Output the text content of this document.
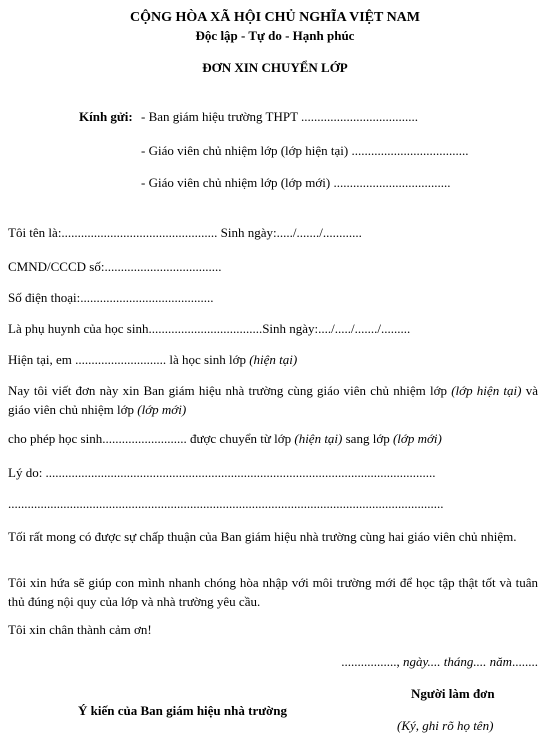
CỘNG HÒA XÃ HỘI CHỦ NGHĨA VIỆT NAM
Độc lập - Tự do - Hạnh phúc
ĐƠN XIN CHUYỂN LỚP
Kính gửi: - Ban giám hiệu trường THPT ....................................
- Giáo viên chủ nhiệm lớp (lớp hiện tại) ....................................
- Giáo viên chủ nhiệm lớp (lớp mới) ....................................
Tôi tên là:................................................ Sinh ngày:...../......./............
CMND/CCCD số:....................................
Số điện thoại:.........................................
Là phụ huynh của học sinh...................................Sinh ngày:..../...../......./.........
Hiện tại, em ............................ là học sinh lớp (hiện tại)
Nay tôi viết đơn này xin Ban giám hiệu nhà trường cùng giáo viên chủ nhiệm lớp (lớp hiện tại) và giáo viên chủ nhiệm lớp (lớp mới)
cho phép học sinh.......................... được chuyển từ lớp (hiện tại) sang lớp (lớp mới)
Lý do: ........................................................................................................................
......................................................................................................................................
Tối rất mong có được sự chấp thuận của Ban giám hiệu nhà trường cùng hai giáo viên chủ nhiệm.
Tôi xin hứa sẽ giúp con mình nhanh chóng hòa nhập với môi trường mới để học tập thật tốt và tuân thủ đúng nội quy của lớp và nhà trường yêu cầu.
Tôi xin chân thành cảm ơn!
................., ngày.... tháng.... năm........
Người làm đơn
Ý kiến của Ban giám hiệu nhà trường
(Ký, ghi rõ họ tên)
